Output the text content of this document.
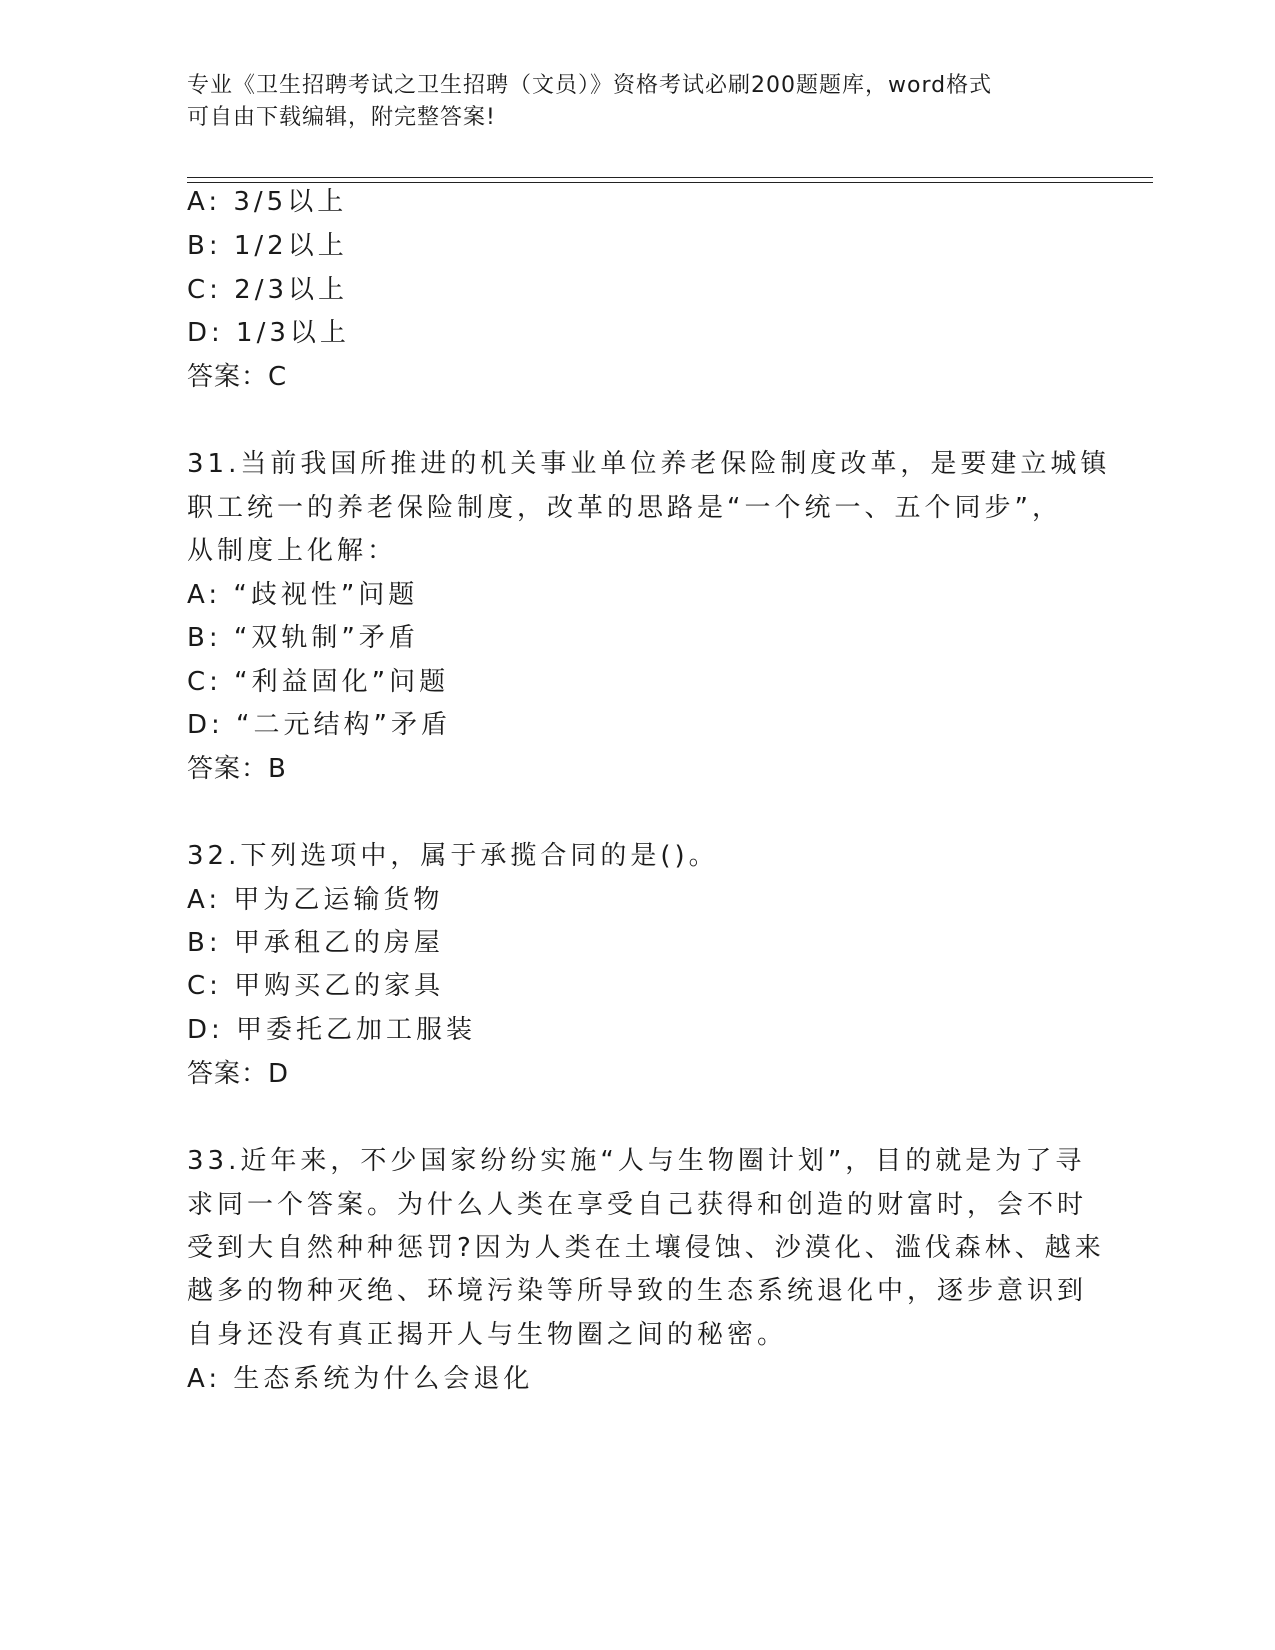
专业《卫生招聘考试之卫生招聘（文员）》资格考试必刷200题题库，word格式
可自由下载编辑，附完整答案!
A: 3/5以上
B: 1/2以上
C: 2/3以上
D: 1/3以上
答案：C
31.当前我国所推进的机关事业单位养老保险制度改革，是要建立城镇
职工统一的养老保险制度，改革的思路是“一个统一、五个同步”，
从制度上化解：
A: “歧视性”问题
B: “双轨制”矛盾
C: “利益固化”问题
D: “二元结构”矛盾
答案：B
32.下列选项中，属于承揽合同的是()。
A: 甲为乙运输货物
B: 甲承租乙的房屋
C: 甲购买乙的家具
D: 甲委托乙加工服装
答案：D
33.近年来，不少国家纷纷实施“人与生物圈计划”，目的就是为了寻
求同一个答案。为什么人类在享受自己获得和创造的财富时，会不时
受到大自然种种惩罚?因为人类在土壤侵蚀、沙漠化、滥伐森林、越来
越多的物种灭绝、环境污染等所导致的生态系统退化中，逐步意识到
自身还没有真正揭开人与生物圈之间的秘密。
A: 生态系统为什么会退化
